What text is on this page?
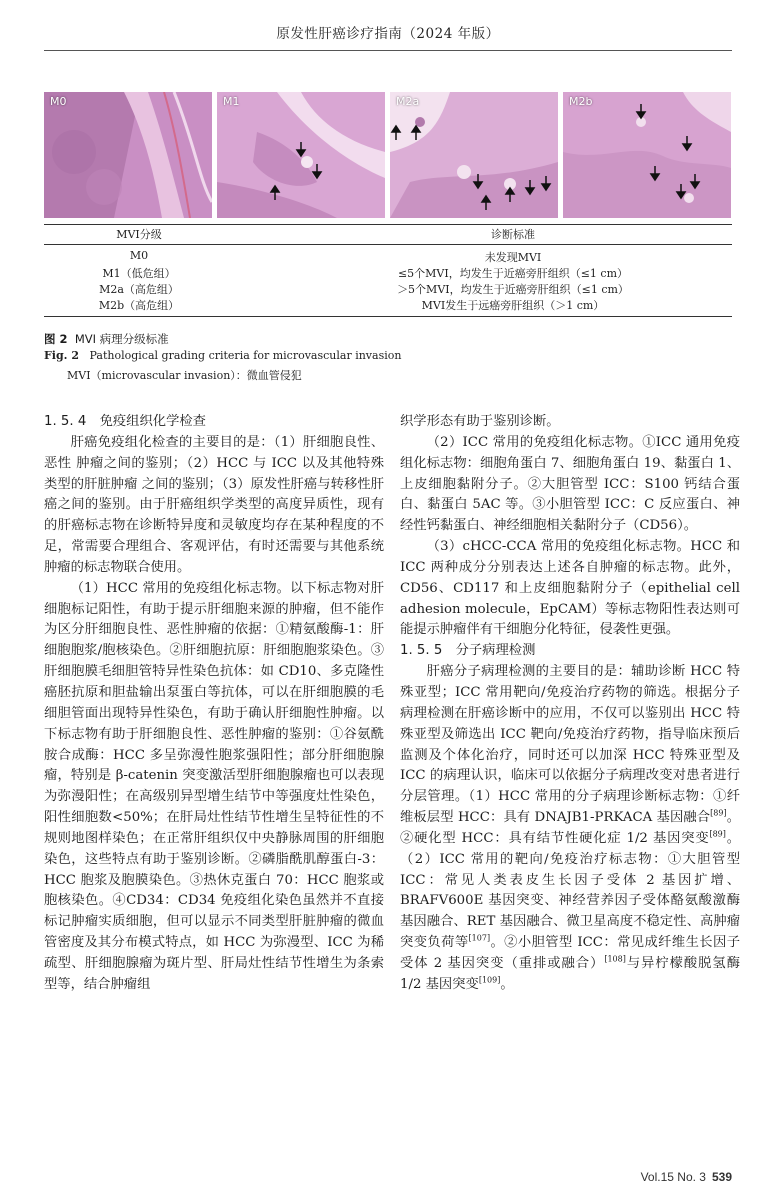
原发性肝癌诊疗指南（2024 年版）
M0	M1	M2a	M2b
MVI分级	诊断标准
M0	未发现MVI
M1（低危组）	≤5个MVI，均发生于近癌旁肝组织（≤1 cm）
M2a（高危组）	＞5个MVI，均发生于近癌旁肝组织（≤1 cm）
M2b（高危组）	MVI发生于远癌旁肝组织（＞1 cm）
图 2 MVI 病理分级标准
Fig. 2 Pathological grading criteria for microvascular invasion
MVI（microvascular invasion）：微血管侵犯
1. 5. 4　免疫组织化学检查

肝癌免疫组化检查的主要目的是：（1）肝细胞良性、恶性 肿瘤之间的鉴别；（2）HCC 与 ICC 以及其他特殊类型的肝脏肿瘤 之间的鉴别；（3）原发性肝癌与转移性肝癌之间的鉴别。由于肝癌组织学类型的高度异质性，现有的肝癌标志物在诊断特异度和灵敏度均存在某种程度的不足，常需要合理组合、客观评估，有时还需要与其他系统肿瘤的标志物联合使用。

（1）HCC 常用的免疫组化标志物。以下标志物对肝细胞标记阳性，有助于提示肝细胞来源的肿瘤，但不能作为区分肝细胞良性、恶性肿瘤的依据：①精氨酸酶-1：肝细胞胞浆/胞核染色。②肝细胞抗原：肝细胞胞浆染色。③肝细胞膜毛细胆管特异性染色抗体：如 CD10、多克隆性癌胚抗原和胆盐输出泵蛋白等抗体，可以在肝细胞膜的毛细胆管面出现特异性染色，有助于确认肝细胞性肿瘤。以下标志物有助于肝细胞良性、恶性肿瘤的鉴别：①谷氨酰胺合成酶：HCC 多呈弥漫性胞浆强阳性；部分肝细胞腺瘤，特别是 β-catenin 突变激活型肝细胞腺瘤也可以表现为弥漫阳性；在高级别异型增生结节中等强度灶性染色，阳性细胞数<50%；在肝局灶性结节性增生呈特征性的不规则地图样染色；在正常肝组织仅中央静脉周围的肝细胞染色，这些特点有助于鉴别诊断。②磷脂酰肌醇蛋白-3：HCC 胞浆及胞膜染色。③热休克蛋白 70：HCC 胞浆或胞核染色。④CD34：CD34 免疫组化染色虽然并不直接标记肿瘤实质细胞，但可以显示不同类型肝脏肿瘤的微血管密度及其分布模式特点，如 HCC 为弥漫型、ICC 为稀疏型、肝细胞腺瘤为斑片型、肝局灶性结节性增生为条索型等，结合肿瘤组

织学形态有助于鉴别诊断。

（2）ICC 常用的免疫组化标志物。①ICC 通用免疫组化标志物：细胞角蛋白 7、细胞角蛋白 19、黏蛋白 1、上皮细胞黏附分子。②大胆管型 ICC：S100 钙结合蛋白、黏蛋白 5AC 等。③小胆管型 ICC：C 反应蛋白、神经性钙黏蛋白、神经细胞相关黏附分子（CD56）。

（3）cHCC-CCA 常用的免疫组化标志物。HCC 和 ICC 两种成分分别表达上述各自肿瘤的标志物。此外，CD56、CD117 和上皮细胞黏附分子（epithelial cell adhesion molecule，EpCAM）等标志物阳性表达则可能提示肿瘤伴有干细胞分化特征，侵袭性更强。

1. 5. 5　分子病理检测

肝癌分子病理检测的主要目的是：辅助诊断 HCC 特殊亚型；ICC 常用靶向/免疫治疗药物的筛选。根据分子病理检测在肝癌诊断中的应用，不仅可以鉴别出 HCC 特殊亚型及筛选出 ICC 靶向/免疫治疗药物，指导临床预后监测及个体化治疗，同时还可以加深 HCC 特殊亚型及 ICC 的病理认识，临床可以依据分子病理改变对患者进行分层管理。（1）HCC 常用的分子病理诊断标志物：①纤维板层型 HCC：具有 DNAJB1-PRKACA 基因融合[89]。②硬化型 HCC：具有结节性硬化症 1/2 基因突变[89]。（2）ICC 常用的靶向/免疫治疗标志物：①大胆管型 ICC：常见人类表皮生长因子受体 2 基因扩增、BRAFV600E 基因突变、神经营养因子受体酪氨酸激酶基因融合、RET 基因融合、微卫星高度不稳定性、高肿瘤突变负荷等[107]。②小胆管型 ICC：常见成纤维生长因子受体 2 基因突变（重排或融合）[108]与异柠檬酸脱氢酶 1/2 基因突变[109]。

Vol.15 No. 3 539
